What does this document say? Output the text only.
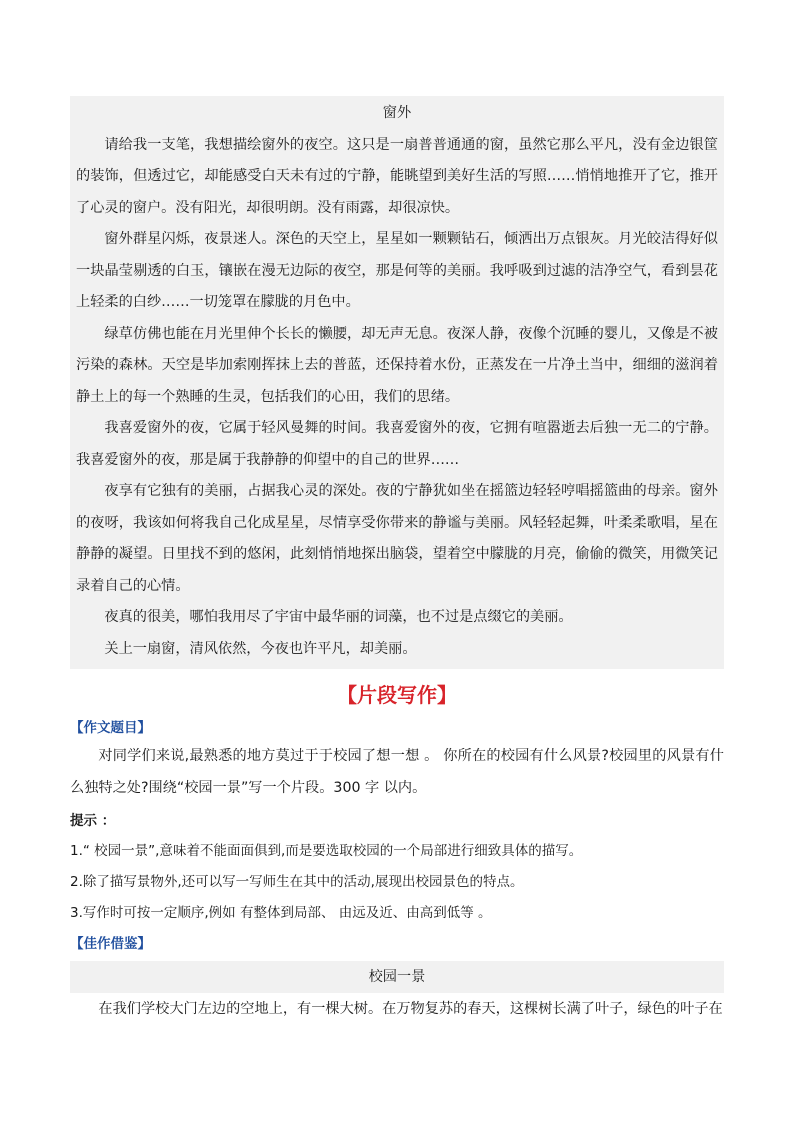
窗外

请给我一支笔，我想描绘窗外的夜空。这只是一扇普普通通的窗，虽然它那么平凡，没有金边银筐的装饰，但透过它，却能感受白天未有过的宁静，能眺望到美好生活的写照……悄悄地推开了它，推开了心灵的窗户。没有阳光，却很明朗。没有雨露，却很凉快。

窗外群星闪烁，夜景迷人。深色的天空上，星星如一颗颗钻石，倾洒出万点银灰。月光皎洁得好似一块晶莹剔透的白玉，镶嵌在漫无边际的夜空，那是何等的美丽。我呼吸到过滤的洁净空气，看到昙花上轻柔的白纱……一切笼罩在朦胧的月色中。

绿草仿佛也能在月光里伸个长长的懒腰，却无声无息。夜深人静，夜像个沉睡的婴儿，又像是不被污染的森林。天空是毕加索刚挥抹上去的普蓝，还保持着水份，正蒸发在一片净土当中，细细的滋润着静土上的每一个熟睡的生灵，包括我们的心田，我们的思绪。

我喜爱窗外的夜，它属于轻风曼舞的时间。我喜爱窗外的夜，它拥有喧嚣逝去后独一无二的宁静。我喜爱窗外的夜，那是属于我静静的仰望中的自己的世界……

夜享有它独有的美丽，占据我心灵的深处。夜的宁静犹如坐在摇篮边轻轻哼唱摇篮曲的母亲。窗外的夜呀，我该如何将我自己化成星星，尽情享受你带来的静谧与美丽。风轻轻起舞，叶柔柔歌唱，星在静静的凝望。日里找不到的悠闲，此刻悄悄地探出脑袋，望着空中朦胧的月亮，偷偷的微笑，用微笑记录着自己的心情。

夜真的很美，哪怕我用尽了宇宙中最华丽的词藻，也不过是点缀它的美丽。

关上一扇窗，清风依然，今夜也许平凡，却美丽。

【片段写作】
【作文题目】

对同学们来说,最熟悉的地方莫过于于校园了想一想 。 你所在的校园有什么风景?校园里的风景有什么独特之处?围绕“校园一景”写一个片段。300 字 以内。

提示 ：

1.“ 校园一景”,意味着不能面面俱到,而是要选取校园的一个局部进行细致具体的描写。

2.除了描写景物外,还可以写一写师生在其中的活动,展现出校园景色的特点。

3.写作时可按一定顺序,例如 有整体到局部、 由远及近、由高到低等 。

【佳作借鉴】
校园一景

在我们学校大门左边的空地上，有一棵大树。在万物复苏的春天，这棵树长满了叶子，绿色的叶子在
